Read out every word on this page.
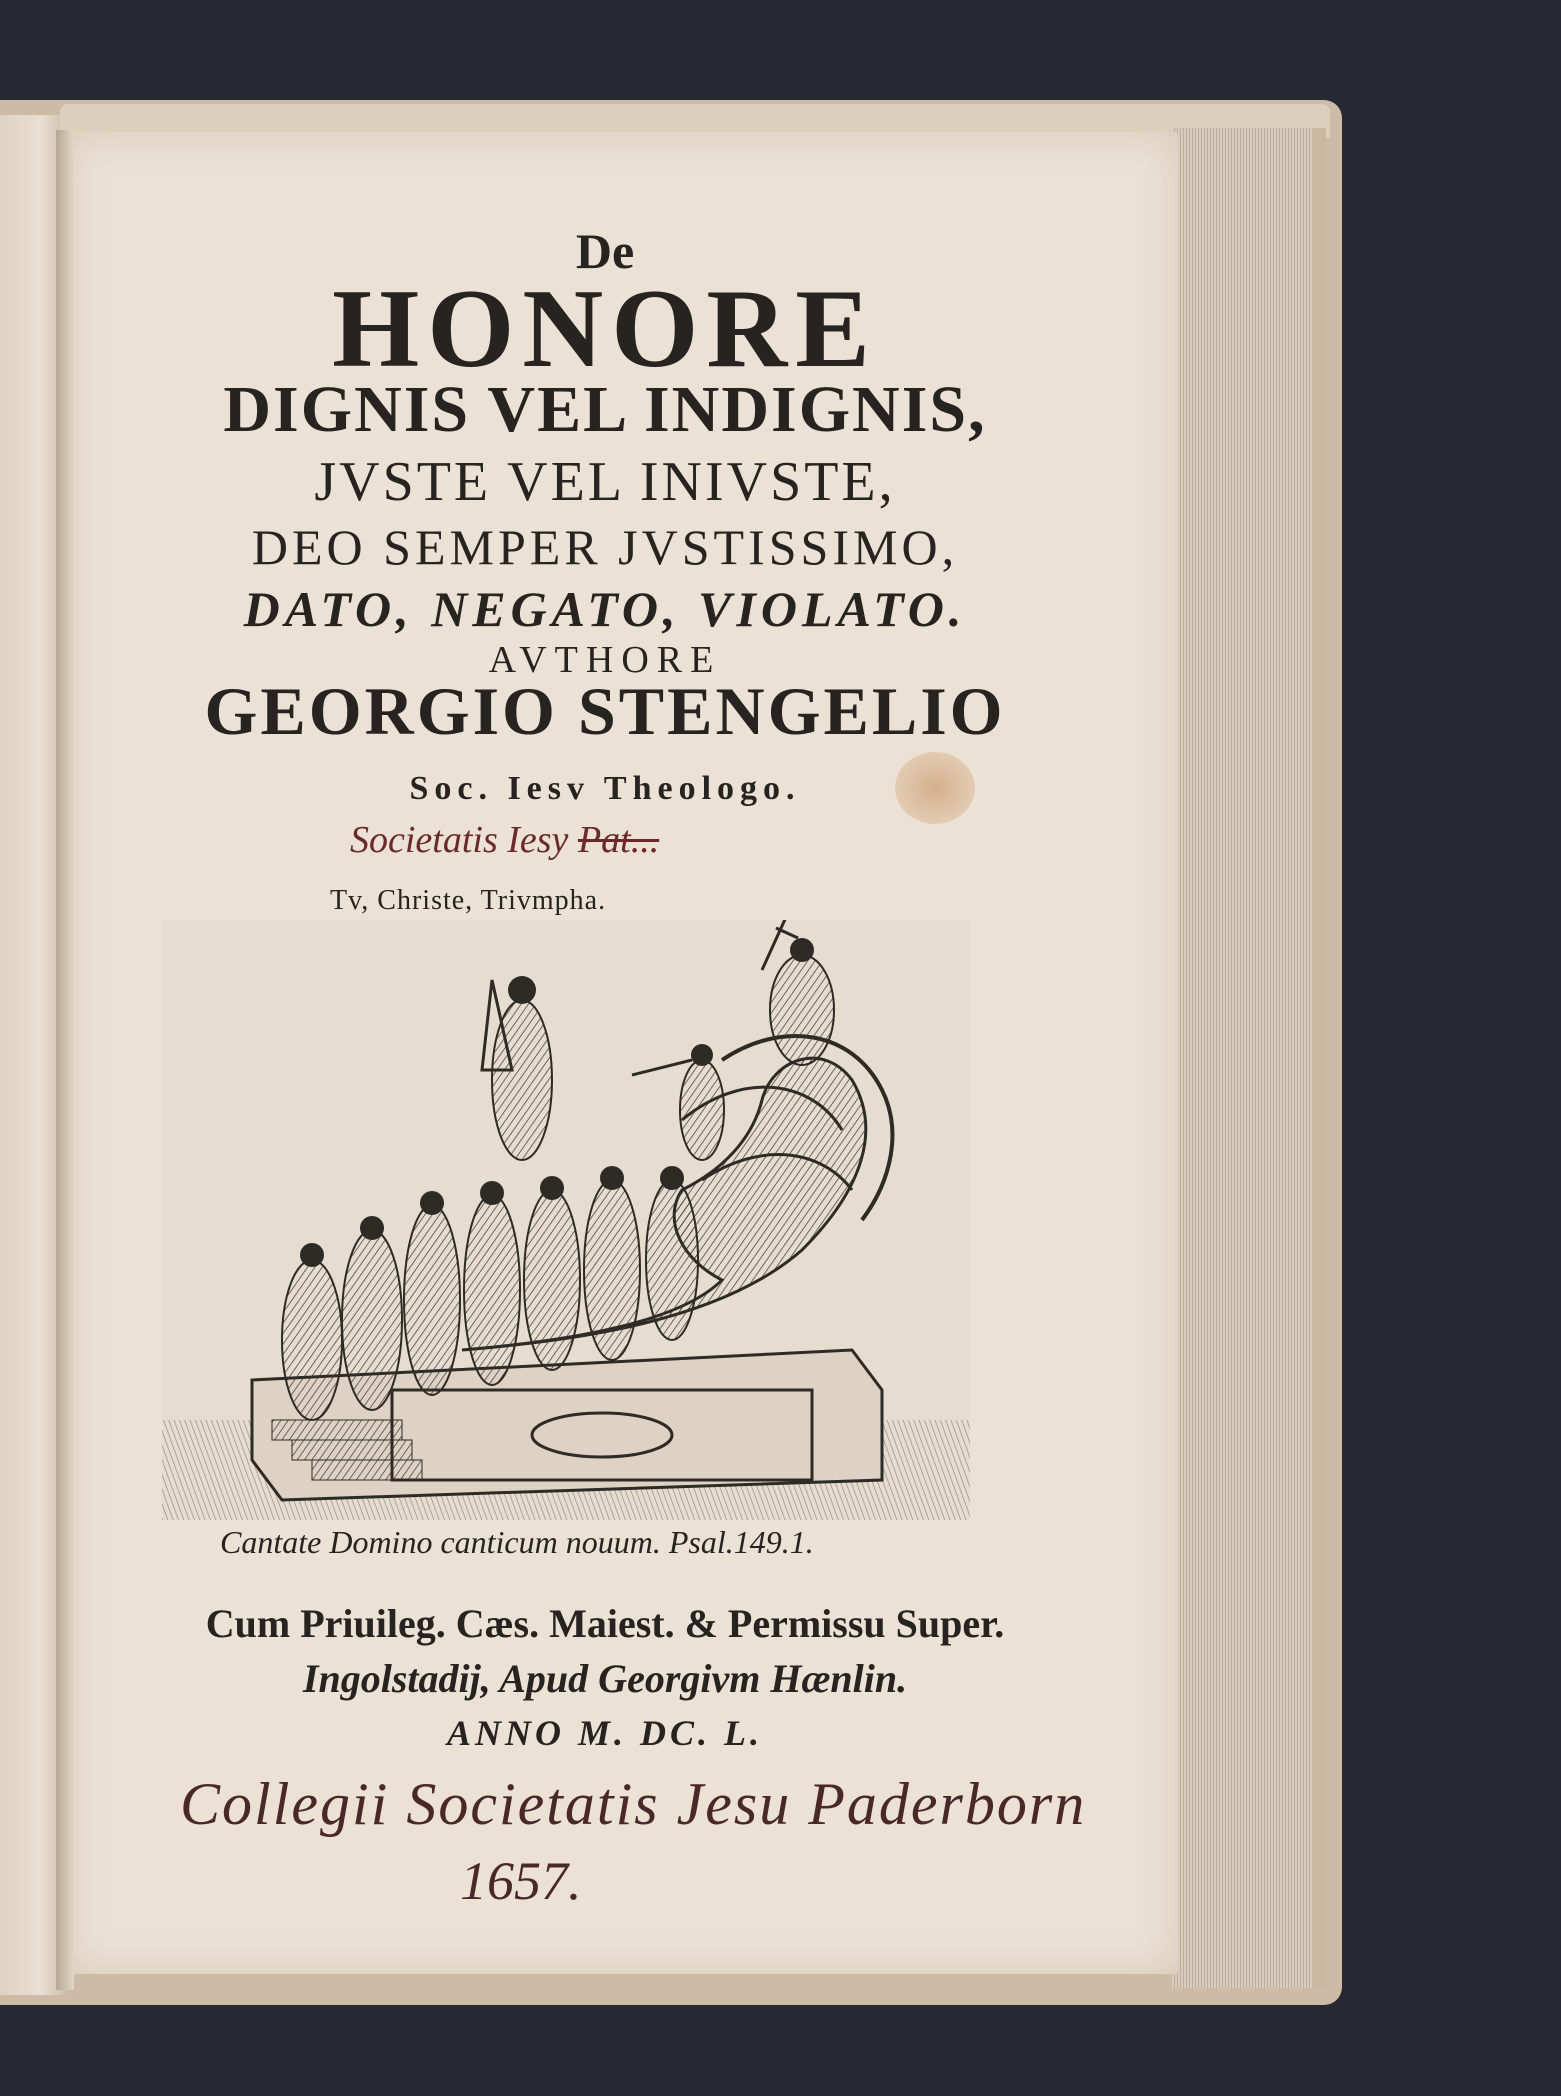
De
HONORE
DIGNIS VEL INDIGNIS,
JVSTE VEL INIVSTE,
DEO SEMPER JVSTISSIMO,
DATO, NEGATO, VIOLATO.
AVTHORE
GEORGIO STENGELIO
Soc. Iesv Theologo.
Societatis Iesy Pat...
Tv, Christe, Trivmpha.
Cantate Domino canticum nouum. Psal.149.1.
Cum Priuileg. Cæs. Maiest. & Permissu Super.
Ingolstadij, Apud Georgivm Hænlin.
ANNO M. DC. L.
Collegii Societatis Jesu Paderborn
1657.
